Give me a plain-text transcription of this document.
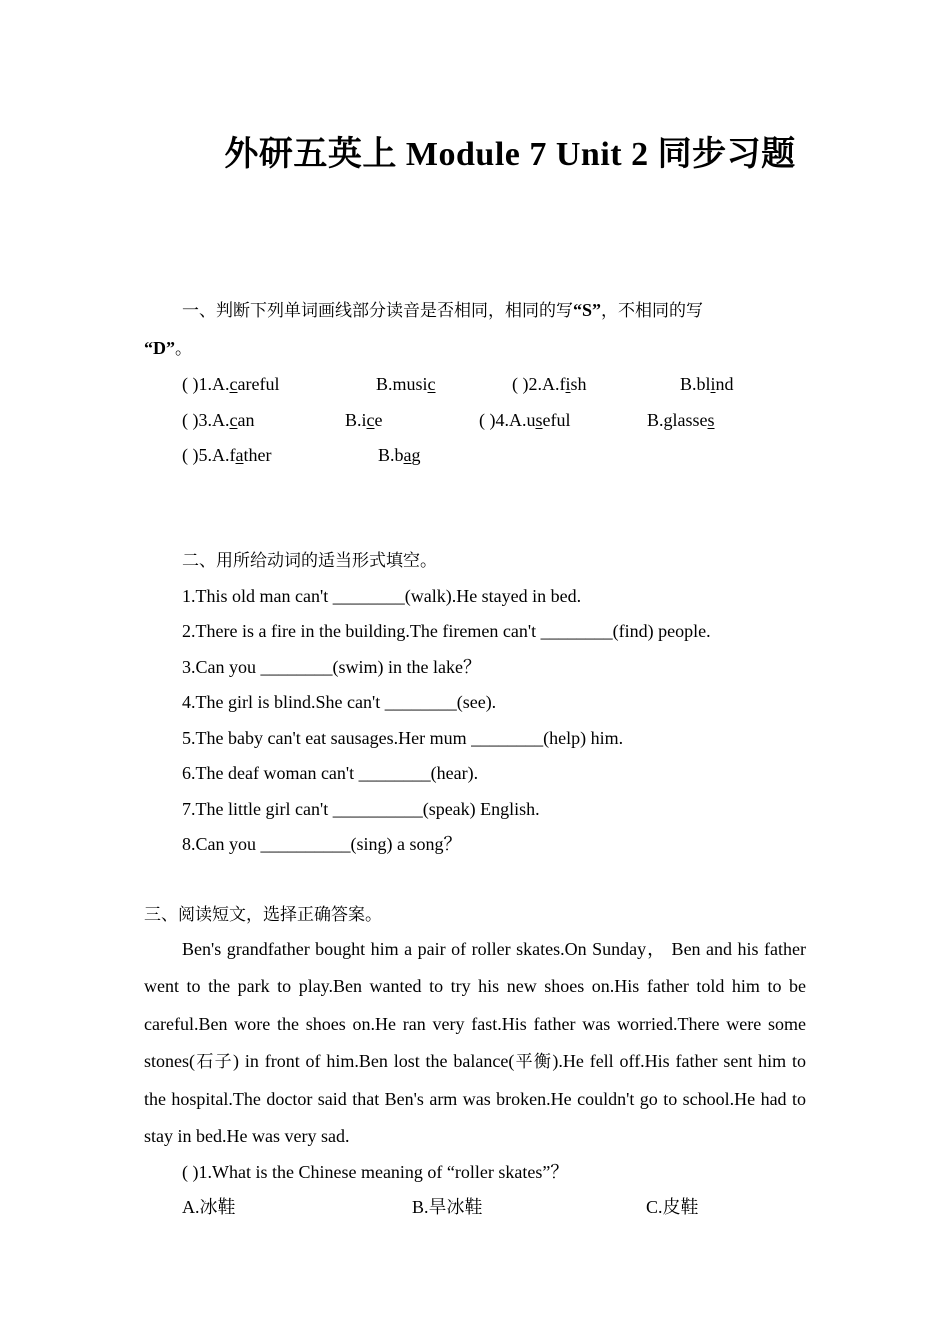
外研五英上 Module 7 Unit 2 同步习题
一、判断下列单词画线部分读音是否相同，相同的写“S”，不相同的写
“D”。
( )1.A.careful	B.music	( )2.A.fish	B.blind
( )3.A.can	B.ice	( )4.A.useful	B.glasses
( )5.A.father	B.bag
二、用所给动词的适当形式填空。
1.This old man can't ________(walk).He stayed in bed.
2.There is a fire in the building.The firemen can't ________(find) people.
3.Can you ________(swim) in the lake？
4.The girl is blind.She can't ________(see).
5.The baby can't eat sausages.Her mum ________(help) him.
6.The deaf woman can't ________(hear).
7.The little girl can't __________(speak) English.
8.Can you __________(sing) a song？
三、阅读短文，选择正确答案。
Ben's grandfather bought him a pair of roller skates.On Sunday， Ben and his father went to the park to play.Ben wanted to try his new shoes on.His father told him to be careful.Ben wore the shoes on.He ran very fast.His father was worried.There were some stones(石子) in front of him.Ben lost the balance(平衡).He fell off.His father sent him to the hospital.The doctor said that Ben's arm was broken.He couldn't go to school.He had to stay in bed.He was very sad.
( )1.What is the Chinese meaning of “roller skates”？
A.冰鞋	B.旱冰鞋	C.皮鞋
